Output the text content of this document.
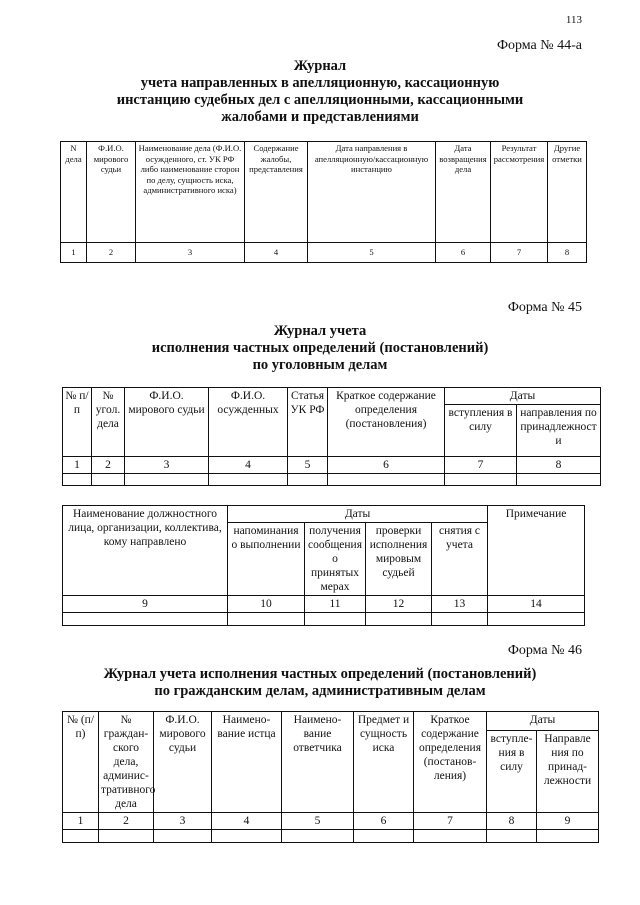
113
Форма № 44-а
Журнал
учета направленных в апелляционную, кассационную
инстанцию судебных дел с апелляционными, кассационными
жалобами и представлениями
N дела	Ф.И.О. мирового судьи	Наименование дела (Ф.И.О. осужденного, ст. УК РФ либо наименование сторон по делу, сущность иска, административного иска)	Содержание жалобы, представления	Дата направления в апелляционную/кассационную инстанцию	Дата возвращения дела	Результат рассмотрения	Другие отметки
1	2	3	4	5	6	7	8
Форма № 45
Журнал учета
исполнения частных определений (постановлений)
по уголовным делам
№ п/п	№ угол. дела	Ф.И.О. мирового судьи	Ф.И.О. осужденных	Статья УК РФ	Краткое содержание определения (постановления)	Даты	
						вступления в силу	направления по принадлежност и
1	2	3	4	5	6	7	8

Наименование должностного лица, организации, коллектива, кому направлено	Даты				Примечание
	напоминания о выполнении	получения сообщения о принятых мерах	проверки исполнения мировым судьей	снятия с учета	
9	10	11	12	13	14

Форма № 46
Журнал учета исполнения частных определений (постановлений)
по гражданским делам, административным делам
№ (п/п)	№ граждан- ского дела, админис- тративного дела	Ф.И.О. мирового судьи	Наимено- вание истца	Наимено- вание ответчика	Предмет и сущность иска	Краткое содержание определения (постанов- ления)	Даты	
							вступле- ния в силу	Направле ния по принад- лежности
1	2	3	4	5	6	7	8	9
